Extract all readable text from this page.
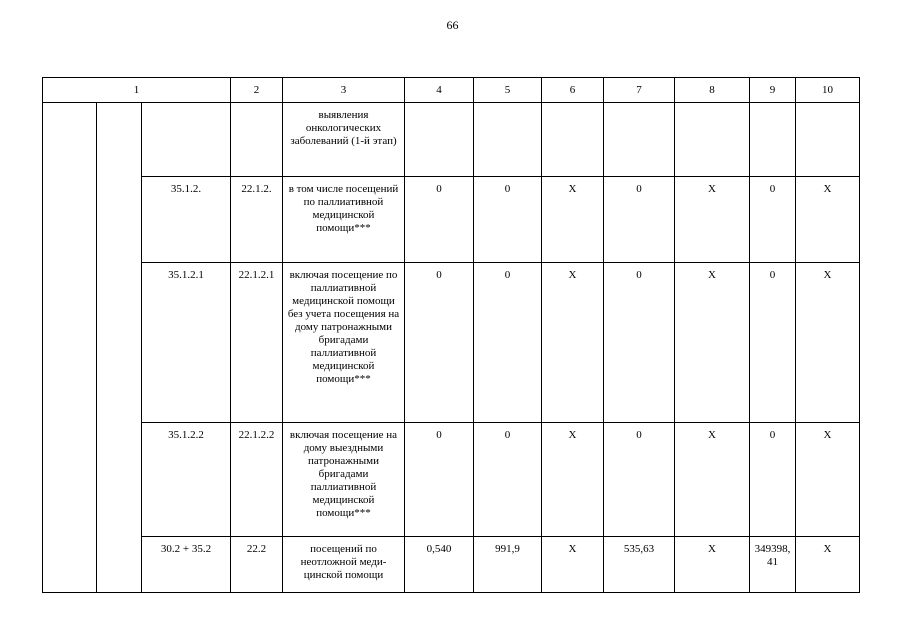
66
1			2	3	4	5	6	7	8	9	10
				выявления онкологических заболеваний (1-й этап)							
		35.1.2.	22.1.2.	в том числе посещений по паллиативной медицинской помощи***	0	0	Х	0	Х	0	Х
		35.1.2.1	22.1.2.1	включая посещение по паллиативной медицинской помощи без учета посещения на дому патронажными бригадами паллиативной медицинской помощи***	0	0	Х	0	Х	0	Х
		35.1.2.2	22.1.2.2	включая посещение на дому выездными патронажными бригадами паллиативной медицинской помощи***	0	0	Х	0	Х	0	Х
		30.2 + 35.2	22.2	посещений по неотложной меди-цинской помощи	0,540	991,9	Х	535,63	Х	349398,41	Х
